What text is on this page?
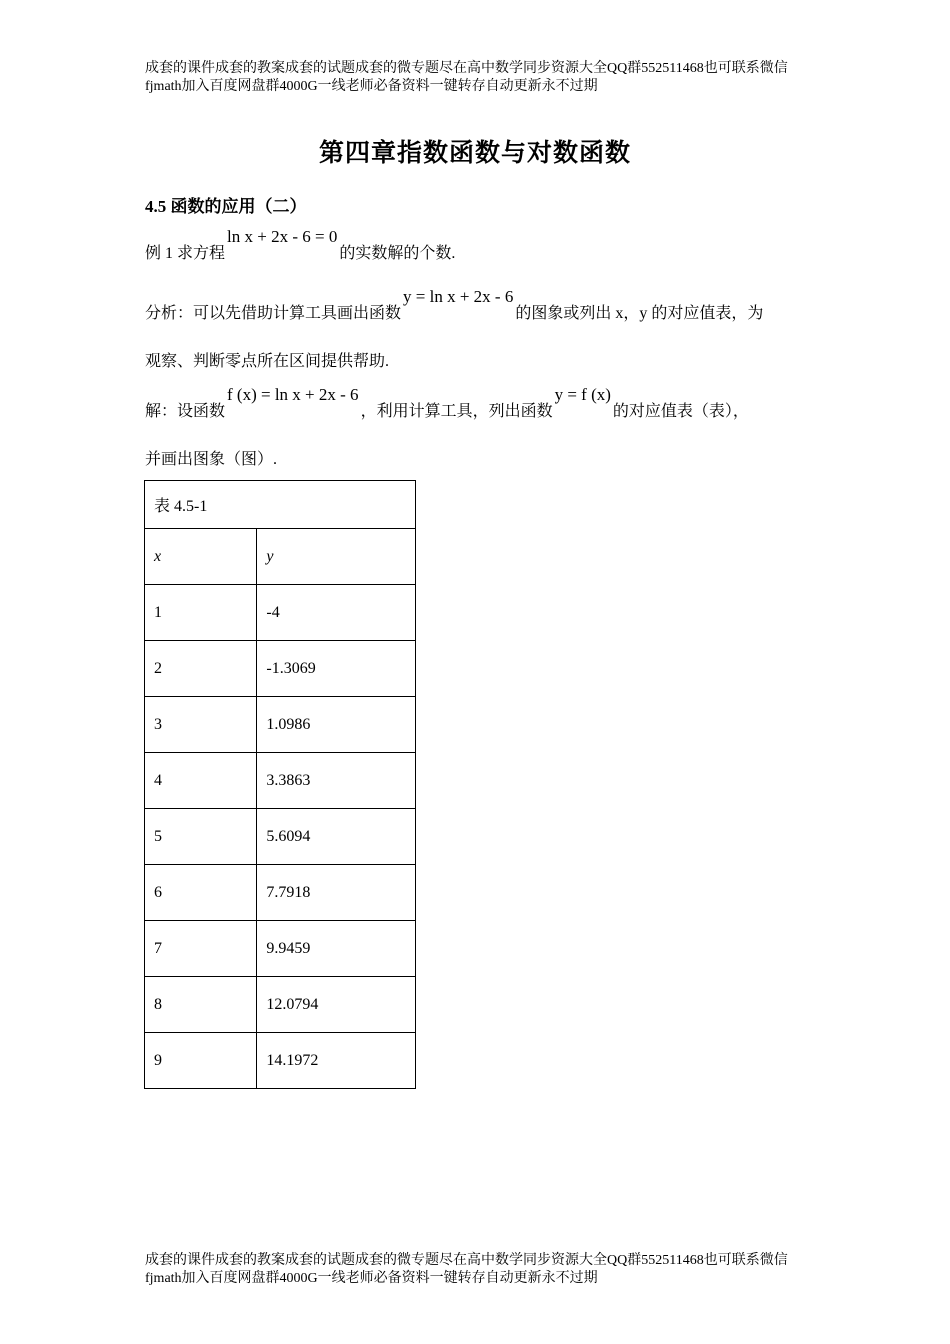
成套的课件成套的教案成套的试题成套的微专题尽在高中数学同步资源大全QQ群552511468也可联系微信fjmath加入百度网盘群4000G一线老师必备资料一键转存自动更新永不过期
第四章指数函数与对数函数
4.5 函数的应用（二）
例 1 求方程ln x + 2x - 6 = 0的实数解的个数.
分析：可以先借助计算工具画出函数y = ln x + 2x - 6的图象或列出 x，y 的对应值表，为
观察、判断零点所在区间提供帮助.
解：设函数f (x) = ln x + 2x - 6，利用计算工具，列出函数y = f (x)的对应值表（表），
并画出图象（图）.
表 4.5-1	
x	y
1	-4
2	-1.3069
3	1.0986
4	3.3863
5	5.6094
6	7.7918
7	9.9459
8	12.0794
9	14.1972
成套的课件成套的教案成套的试题成套的微专题尽在高中数学同步资源大全QQ群552511468也可联系微信fjmath加入百度网盘群4000G一线老师必备资料一键转存自动更新永不过期
